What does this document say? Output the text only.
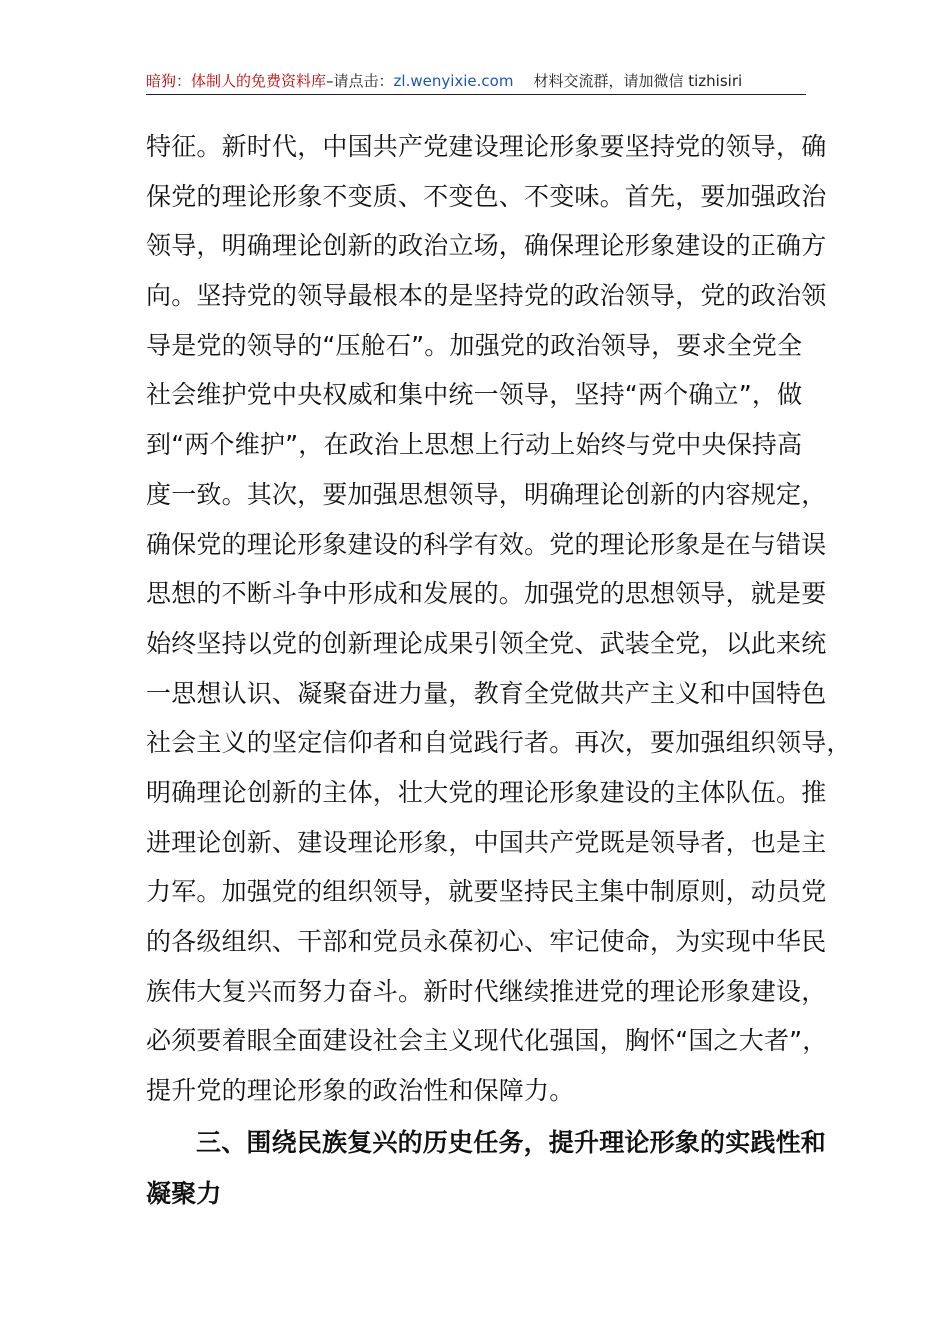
暗狗：体制人的免费资料库 –请点击： zl.wenyixie.com 材料交流群，请加微信 tizhisiri
特征。新时代，中国共产党建设理论形象要坚持党的领导，确
保党的理论形象不变质、不变色、不变味。首先，要加强政治
领导，明确理论创新的政治立场，确保理论形象建设的正确方
向。坚持党的领导最根本的是坚持党的政治领导，党的政治领
导是党的领导的“压舱石”。加强党的政治领导，要求全党全
社会维护党中央权威和集中统一领导，坚持“两个确立”，做
到“两个维护”，在政治上思想上行动上始终与党中央保持高
度一致。其次，要加强思想领导，明确理论创新的内容规定，
确保党的理论形象建设的科学有效。党的理论形象是在与错误
思想的不断斗争中形成和发展的。加强党的思想领导，就是要
始终坚持以党的创新理论成果引领全党、武装全党，以此来统
一思想认识、凝聚奋进力量，教育全党做共产主义和中国特色
社会主义的坚定信仰者和自觉践行者。再次，要加强组织领导，
明确理论创新的主体，壮大党的理论形象建设的主体队伍。推
进理论创新、建设理论形象，中国共产党既是领导者，也是主
力军。加强党的组织领导，就要坚持民主集中制原则，动员党
的各级组织、干部和党员永葆初心、牢记使命，为实现中华民
族伟大复兴而努力奋斗。新时代继续推进党的理论形象建设，
必须要着眼全面建设社会主义现代化强国，胸怀“国之大者”，
提升党的理论形象的政治性和保障力。
三、围绕民族复兴的历史任务，提升理论形象的实践性和
凝聚力
